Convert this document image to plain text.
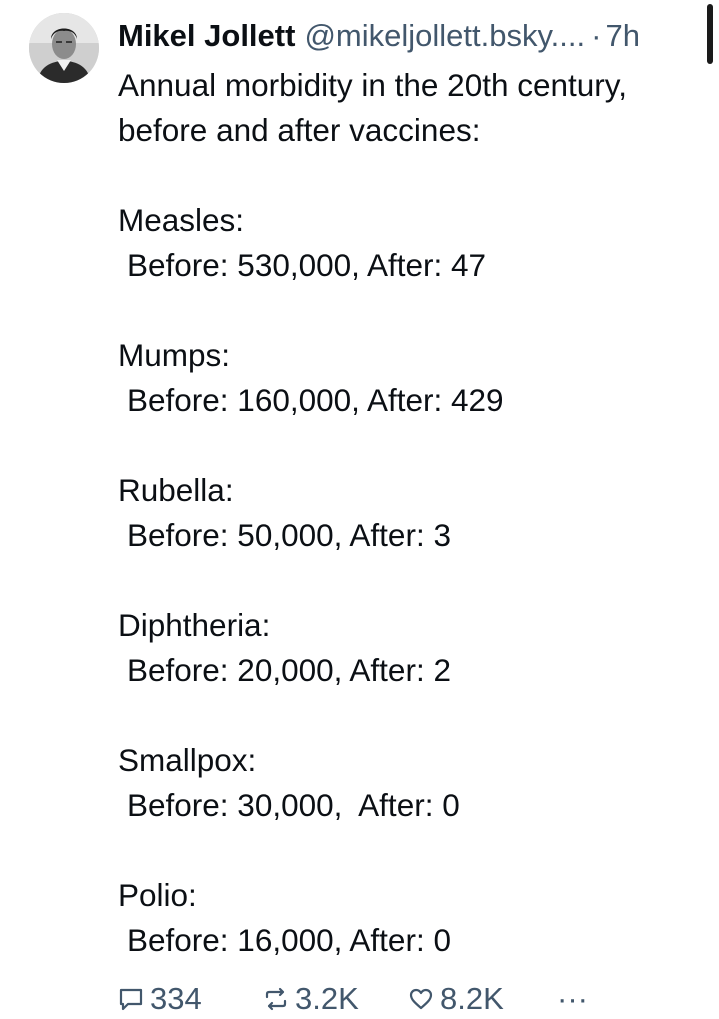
Mikel Jollett @mikeljollett.bsky.... · 7h
Annual morbidity in the 20th century,
before and after vaccines:
Measles:
Before: 530,000, After: 47
Mumps:
Before: 160,000, After: 429
Rubella:
Before: 50,000, After: 3
Diphtheria:
Before: 20,000, After: 2
Smallpox:
Before: 30,000,  After: 0
Polio:
Before: 16,000, After: 0
334	3.2K	8.2K ···
